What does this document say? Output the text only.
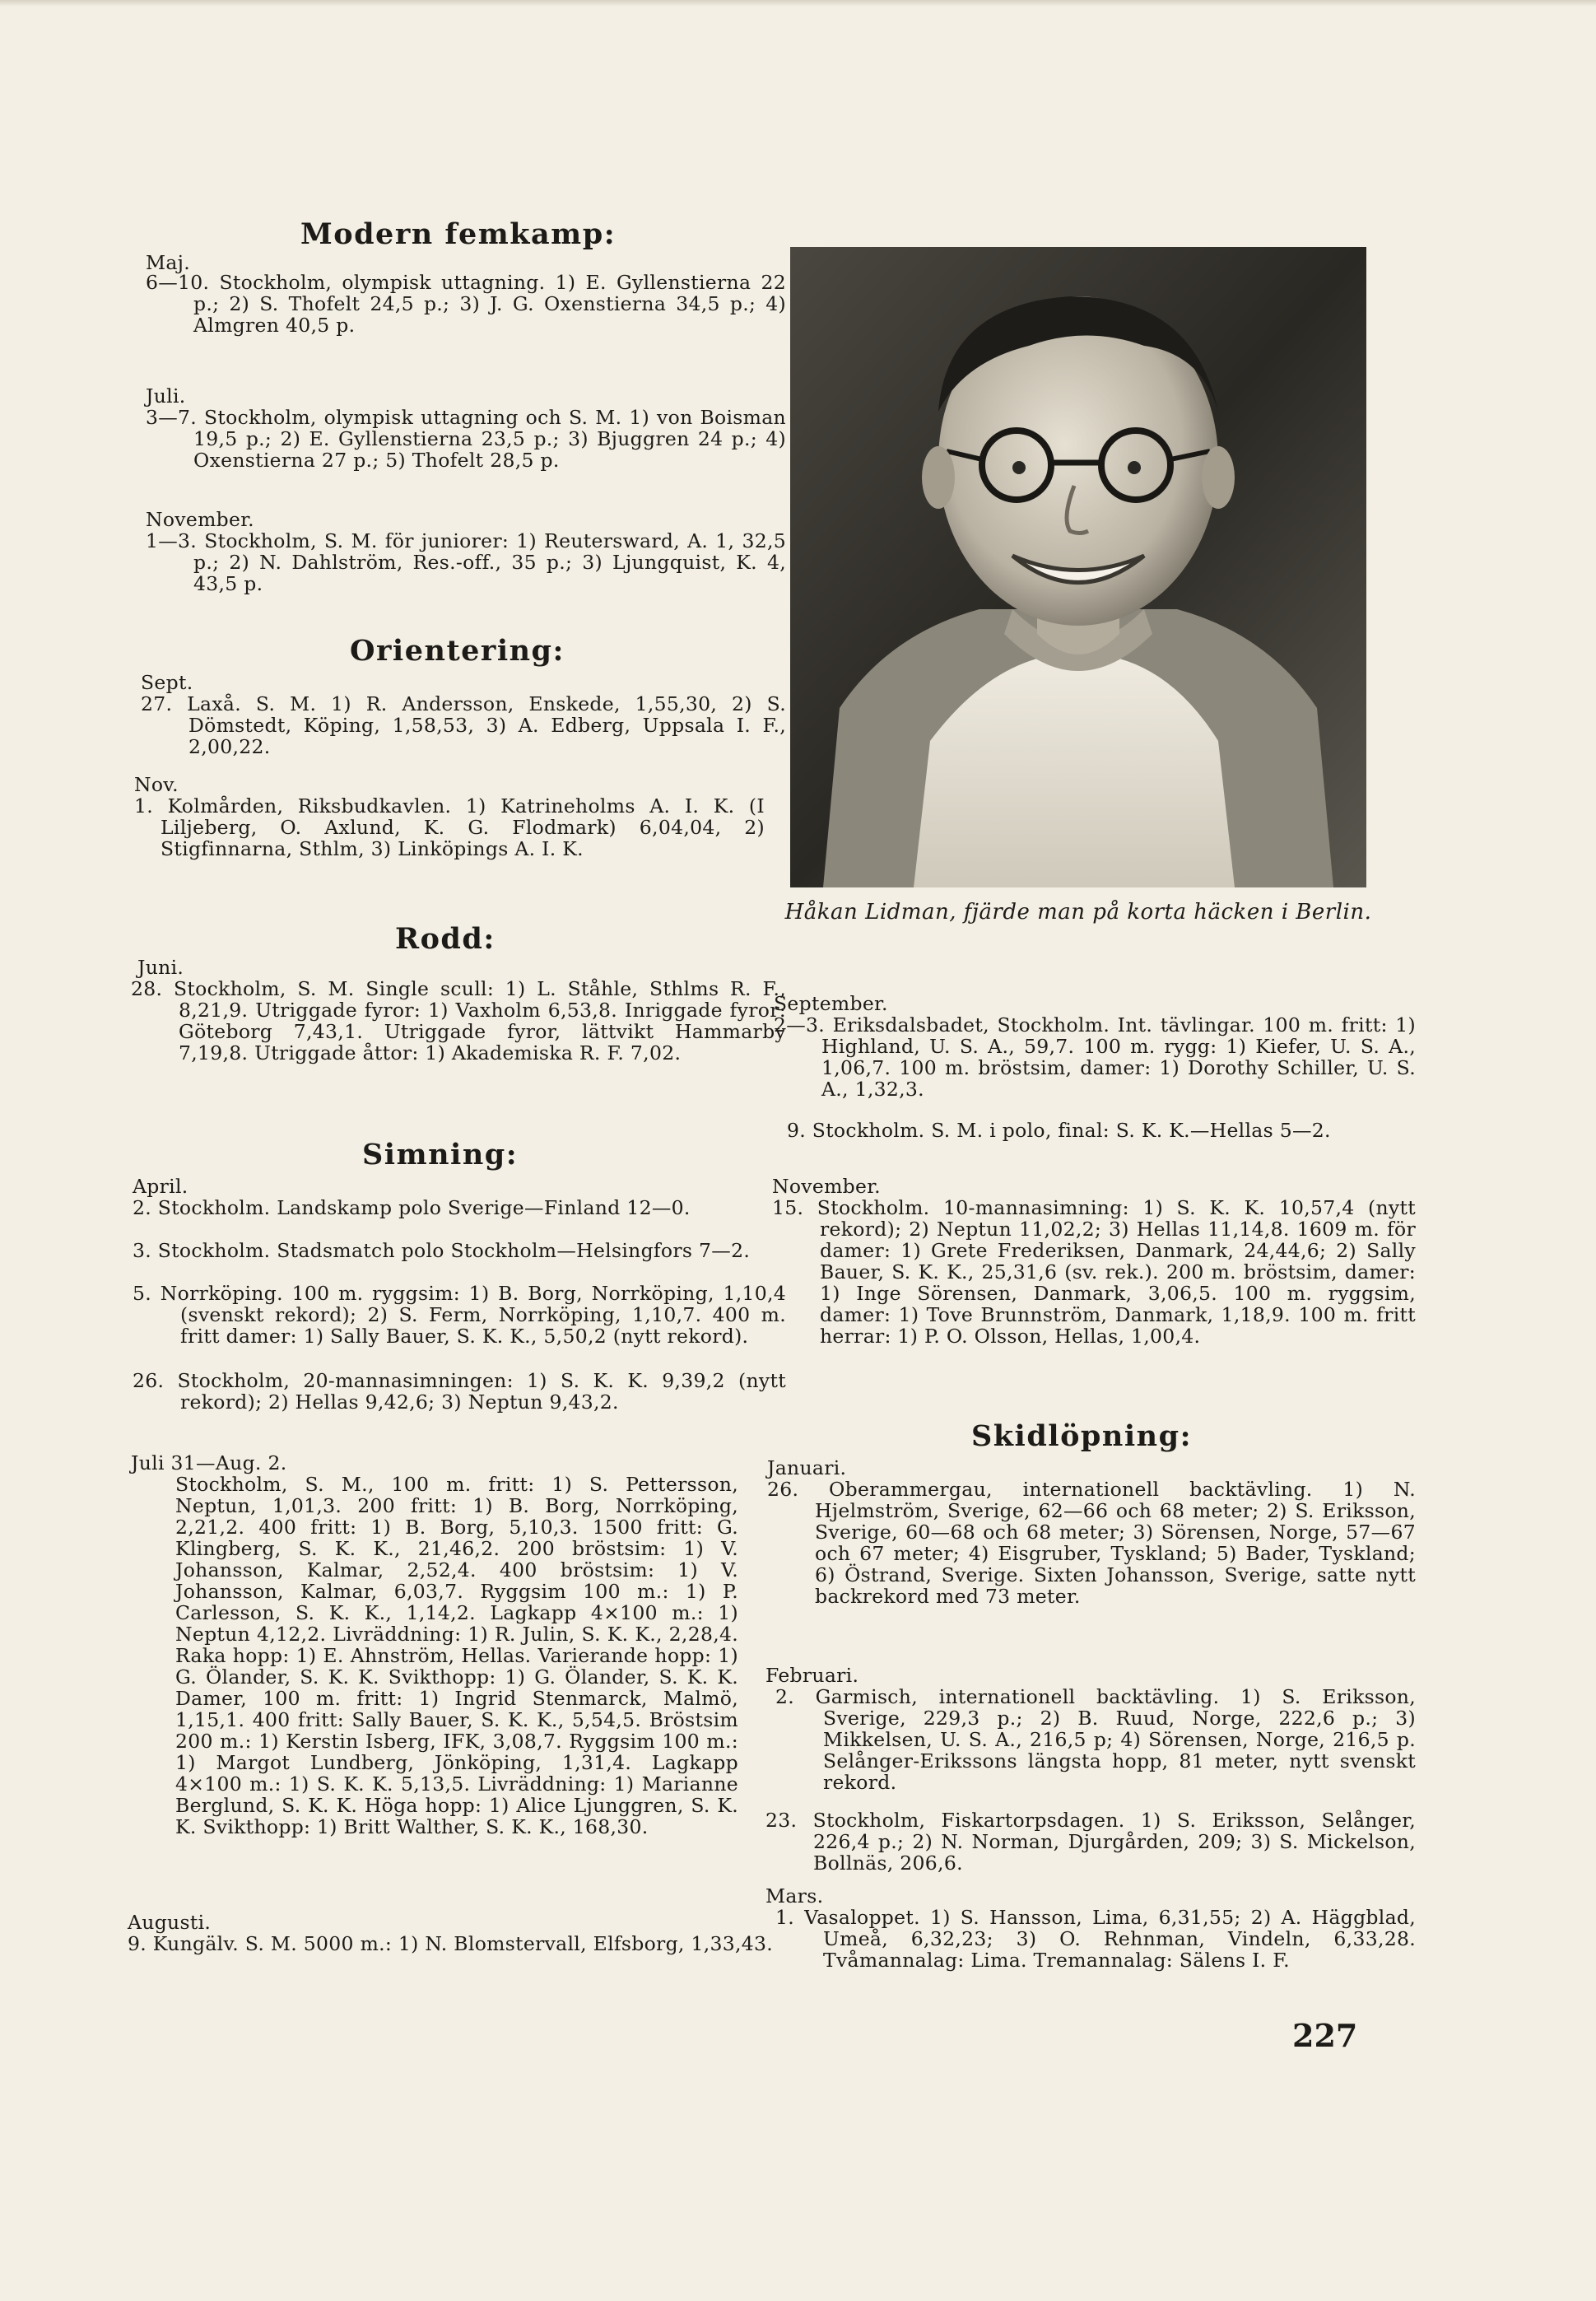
Modern femkamp:
Maj.
6—10. Stockholm, olympisk uttagning. 1) E. Gyllenstierna 22 p.; 2) S. Thofelt 24,5 p.; 3) J. G. Oxenstierna 34,5 p.; 4) Almgren 40,5 p.
Juli.
3—7. Stockholm, olympisk uttagning och S. M. 1) von Boisman 19,5 p.; 2) E. Gyllenstierna 23,5 p.; 3) Bjuggren 24 p.; 4) Oxenstierna 27 p.; 5) Thofelt 28,5 p.
November.
1—3. Stockholm, S. M. för juniorer: 1) Reutersward, A. 1, 32,5 p.; 2) N. Dahlström, Res.-off., 35 p.; 3) Ljungquist, K. 4, 43,5 p.
Orientering:
Sept.
27. Laxå. S. M. 1) R. Andersson, Enskede, 1,55,30, 2) S. Dömstedt, Köping, 1,58,53, 3) A. Edberg, Uppsala I. F., 2,00,22.
Nov.
1. Kolmården, Riksbudkavlen. 1) Katrineholms A. I. K. (I Liljeberg, O. Axlund, K. G. Flodmark) 6,04,04, 2) Stigfinnarna, Sthlm, 3) Linköpings A. I. K.
Rodd:
Juni.
28. Stockholm, S. M. Single scull: 1) L. Ståhle, Sthlms R. F., 8,21,9. Utriggade fyror: 1) Vaxholm 6,53,8. Inriggade fyror: Göteborg 7,43,1. Utriggade fyror, lättvikt Hammarby 7,19,8. Utriggade åttor: 1) Akademiska R. F. 7,02.
Simning:
April.
2. Stockholm. Landskamp polo Sverige—Finland 12—0.
3. Stockholm. Stadsmatch polo Stockholm—Helsingfors 7—2.
5. Norrköping. 100 m. ryggsim: 1) B. Borg, Norrköping, 1,10,4 (svenskt rekord); 2) S. Ferm, Norrköping, 1,10,7. 400 m. fritt damer: 1) Sally Bauer, S. K. K., 5,50,2 (nytt rekord).
26. Stockholm, 20-mannasimningen: 1) S. K. K. 9,39,2 (nytt rekord); 2) Hellas 9,42,6; 3) Neptun 9,43,2.
Juli 31—Aug. 2.
Stockholm, S. M., 100 m. fritt: 1) S. Pettersson, Neptun, 1,01,3. 200 fritt: 1) B. Borg, Norrköping, 2,21,2. 400 fritt: 1) B. Borg, 5,10,3. 1500 fritt: G. Klingberg, S. K. K., 21,46,2. 200 bröstsim: 1) V. Johansson, Kalmar, 2,52,4. 400 bröstsim: 1) V. Johansson, Kalmar, 6,03,7. Ryggsim 100 m.: 1) P. Carlesson, S. K. K., 1,14,2. Lagkapp 4×100 m.: 1) Neptun 4,12,2. Livräddning: 1) R. Julin, S. K. K., 2,28,4. Raka hopp: 1) E. Ahnström, Hellas. Varierande hopp: 1) G. Ölander, S. K. K. Svikthopp: 1) G. Ölander, S. K. K. Damer, 100 m. fritt: 1) Ingrid Stenmarck, Malmö, 1,15,1. 400 fritt: Sally Bauer, S. K. K., 5,54,5. Bröstsim 200 m.: 1) Kerstin Isberg, IFK, 3,08,7. Ryggsim 100 m.: 1) Margot Lundberg, Jönköping, 1,31,4. Lagkapp 4×100 m.: 1) S. K. K. 5,13,5. Livräddning: 1) Marianne Berglund, S. K. K. Höga hopp: 1) Alice Ljunggren, S. K. K. Svikthopp: 1) Britt Walther, S. K. K., 168,30.
Augusti.
9. Kungälv. S. M. 5000 m.: 1) N. Blomstervall, Elfsborg, 1,33,43.
Håkan Lidman, fjärde man på korta häcken i Berlin.
September.
2—3. Eriksdalsbadet, Stockholm. Int. tävlingar. 100 m. fritt: 1) Highland, U. S. A., 59,7. 100 m. rygg: 1) Kiefer, U. S. A., 1,06,7. 100 m. bröstsim, damer: 1) Dorothy Schiller, U. S. A., 1,32,3.
9. Stockholm. S. M. i polo, final: S. K. K.—Hellas 5—2.
November.
15. Stockholm. 10-mannasimning: 1) S. K. K. 10,57,4 (nytt rekord); 2) Neptun 11,02,2; 3) Hellas 11,14,8. 1609 m. för damer: 1) Grete Frederiksen, Danmark, 24,44,6; 2) Sally Bauer, S. K. K., 25,31,6 (sv. rek.). 200 m. bröstsim, damer: 1) Inge Sörensen, Danmark, 3,06,5. 100 m. ryggsim, damer: 1) Tove Brunnström, Danmark, 1,18,9. 100 m. fritt herrar: 1) P. O. Olsson, Hellas, 1,00,4.
Skidlöpning:
Januari.
26. Oberammergau, internationell backtävling. 1) N. Hjelmström, Sverige, 62—66 och 68 meter; 2) S. Eriksson, Sverige, 60—68 och 68 meter; 3) Sörensen, Norge, 57—67 och 67 meter; 4) Eisgruber, Tyskland; 5) Bader, Tyskland; 6) Östrand, Sverige. Sixten Johansson, Sverige, satte nytt backrekord med 73 meter.
Februari.
2. Garmisch, internationell backtävling. 1) S. Eriksson, Sverige, 229,3 p.; 2) B. Ruud, Norge, 222,6 p.; 3) Mikkelsen, U. S. A., 216,5 p; 4) Sörensen, Norge, 216,5 p. Selånger-Erikssons längsta hopp, 81 meter, nytt svenskt rekord.
23. Stockholm, Fiskartorpsdagen. 1) S. Eriksson, Selånger, 226,4 p.; 2) N. Norman, Djurgården, 209; 3) S. Mickelson, Bollnäs, 206,6.
Mars.
1. Vasaloppet. 1) S. Hansson, Lima, 6,31,55; 2) A. Häggblad, Umeå, 6,32,23; 3) O. Rehnman, Vindeln, 6,33,28. Tvåmannalag: Lima. Tremannalag: Sälens I. F.
227
